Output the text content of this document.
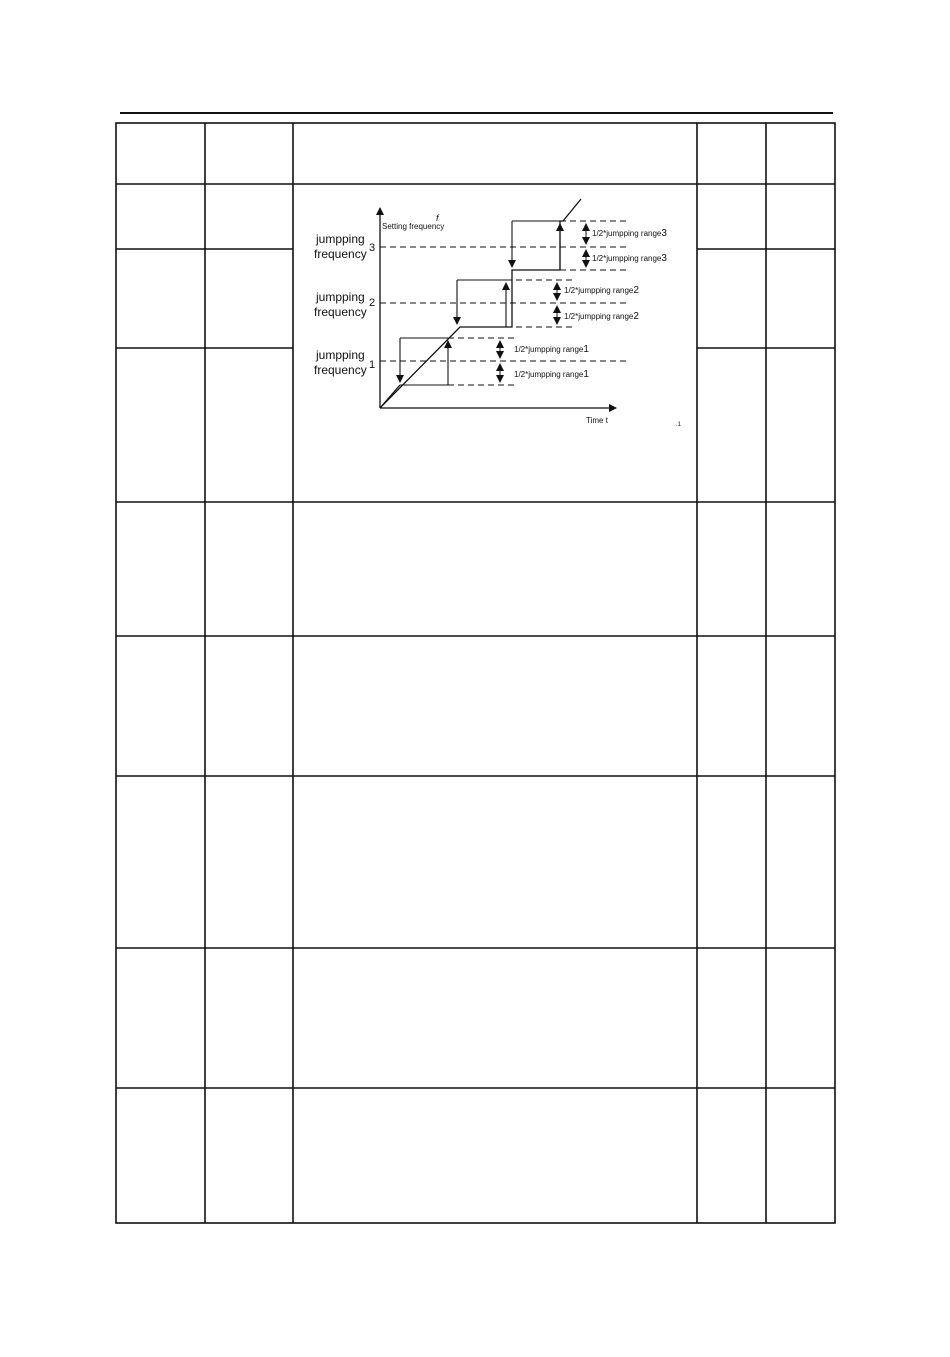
f
Setting frequency
Time t	.1
jumpping
frequency 3
jumpping
frequency
2
jumpping
frequency 1
1/2*jumpping range3
1/2*jumpping range3
1/2*jumpping range2
1/2*jumpping range2
1/2*jumpping range1
1/2*jumpping range1
